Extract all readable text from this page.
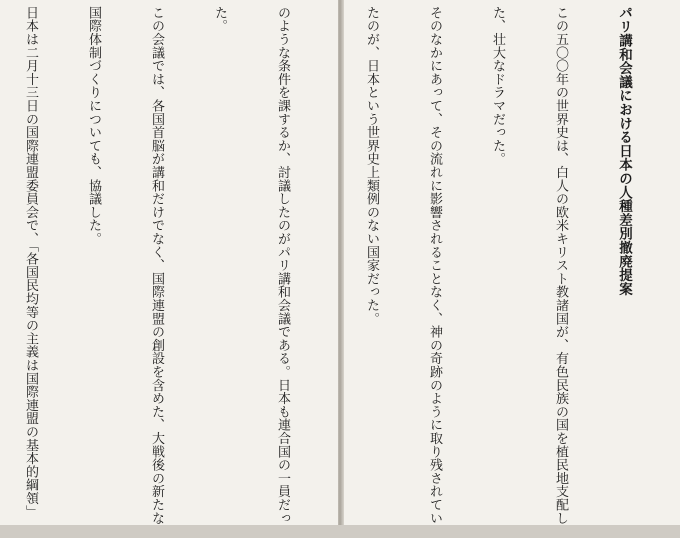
パリ講和会議における日本の人種差別撤廃提案

この五〇〇年の世界史は、白人の欧米キリスト教諸国が、有色民族の国を植民地支配し

た、壮大なドラマだった。

そのなかにあって、その流れに影響されることなく、神の奇跡のように取り残されてい

たのが、日本という世界史上類例のない国家だった。

のような条件を課するか、討議したのがパリ講和会議である。日本も連合国の一員だっ

た。

この会議では、各国首脳が講和だけでなく、国際連盟の創設を含めた、大戦後の新たな

国際体制づくりについても、協議した。

日本は二月十三日の国際連盟委員会で、「各国民均等の主義は国際連盟の基本的綱領」
